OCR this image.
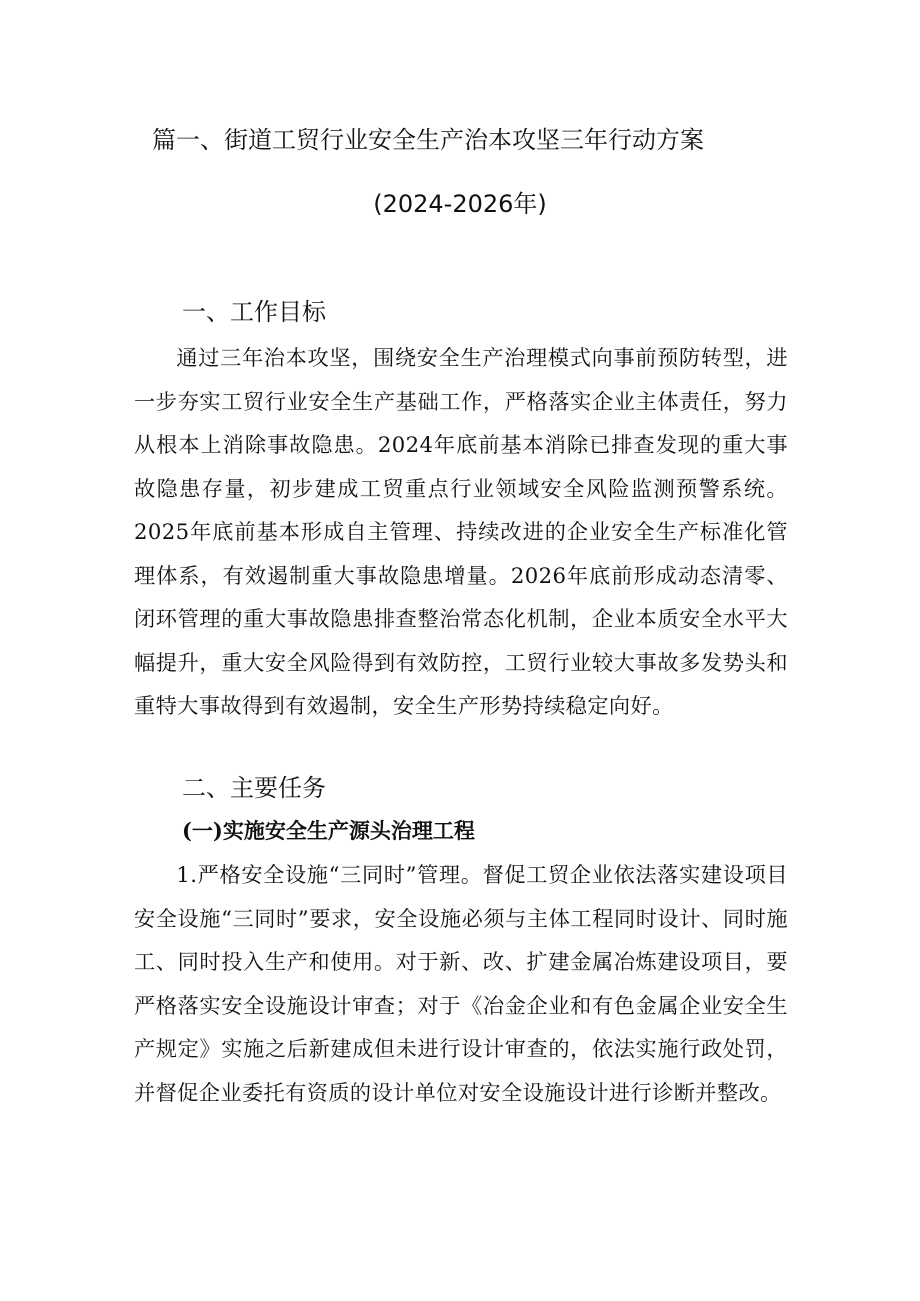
篇一、街道工贸行业安全生产治本攻坚三年行动方案
(2024-2026年)
一、工作目标

通过三年治本攻坚，围绕安全生产治理模式向事前预防转型，进一步夯实工贸行业安全生产基础工作，严格落实企业主体责任，努力从根本上消除事故隐患。2024年底前基本消除已排查发现的重大事故隐患存量，初步建成工贸重点行业领域安全风险监测预警系统。2025年底前基本形成自主管理、持续改进的企业安全生产标准化管理体系，有效遏制重大事故隐患增量。2026年底前形成动态清零、闭环管理的重大事故隐患排查整治常态化机制，企业本质安全水平大幅提升，重大安全风险得到有效防控，工贸行业较大事故多发势头和重特大事故得到有效遏制，安全生产形势持续稳定向好。

二、主要任务
(一)实施安全生产源头治理工程

1.严格安全设施“三同时”管理。督促工贸企业依法落实建设项目安全设施“三同时”要求，安全设施必须与主体工程同时设计、同时施工、同时投入生产和使用。对于新、改、扩建金属冶炼建设项目，要严格落实安全设施设计审查；对于《冶金企业和有色金属企业安全生产规定》实施之后新建成但未进行设计审查的，依法实施行政处罚，并督促企业委托有资质的设计单位对安全设施设计进行诊断并整改。
